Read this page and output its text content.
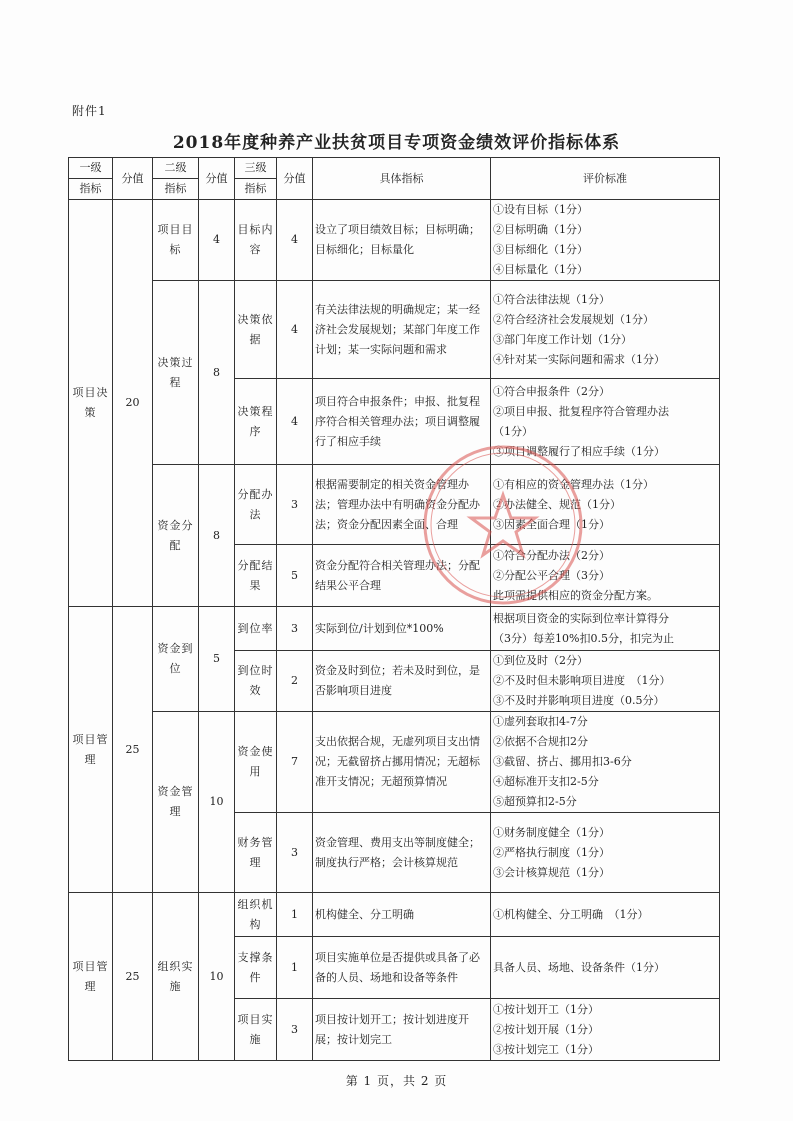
附件1
2018年度种养产业扶贫项目专项资金绩效评价指标体系
一级	分值	二级	分值	三级	分值	具体指标	评价标准
指标		指标		指标			
项目决策	20	项目目标	4	目标内容	4	设立了项目绩效目标；目标明确；目标细化；目标量化	①设有目标（1分）
②目标明确（1分）
③目标细化（1分）
④目标量化（1分）

		决策过程	8	决策依据	4	有关法律法规的明确规定；某一经济社会发展规划；某部门年度工作计划；某一实际问题和需求	①符合法律法规（1分）
②符合经济社会发展规划（1分）
③部门年度工作计划（1分）
④针对某一实际问题和需求（1分）

				决策程序	4	项目符合申报条件；申报、批复程序符合相关管理办法；项目调整履行了相应手续	①符合申报条件（2分）
②项目申报、批复程序符合管理办法
（1分）
③项目调整履行了相应手续（1分）

		资金分配	8	分配办法	3	根据需要制定的相关资金管理办法；管理办法中有明确资金分配办法；资金分配因素全面、合理	①有相应的资金管理办法（1分）
②办法健全、规范（1分）
③因素全面合理（1分）

				分配结果	5	资金分配符合相关管理办法；分配结果公平合理	①符合分配办法（2分）
②分配公平合理（3分）
此项需提供相应的资金分配方案。

项目管理	25	资金到位	5	到位率	3	实际到位/计划到位*100%	根据项目资金的实际到位率计算得分
（3分）每差10%扣0.5分，扣完为止

				到位时效	2	资金及时到位；若未及时到位，是否影响项目进度	①到位及时（2分）
②不及时但未影响项目进度　（1分）
③不及时并影响项目进度（0.5分）

		资金管理	10	资金使用	7	支出依据合规，无虚列项目支出情况；无截留挤占挪用情况；无超标准开支情况；无超预算情况	①虚列套取扣4-7分
②依据不合规扣2分
③截留、挤占、挪用扣3-6分
④超标准开支扣2-5分
⑤超预算扣2-5分

				财务管理	3	资金管理、费用支出等制度健全；制度执行严格；会计核算规范	①财务制度健全（1分）
②严格执行制度（1分）
③会计核算规范（1分）

项目管理	25	组织实施	10	组织机构	1	机构健全、分工明确	①机构健全、分工明确　（1分）

				支撑条件	1	项目实施单位是否提供或具备了必备的人员、场地和设备等条件	具备人员、场地、设备条件（1分）

				项目实施	3	项目按计划开工；按计划进度开展；按计划完工	①按计划开工（1分）
②按计划开展（1分）
③按计划完工（1分）
第 1 页，共 2 页
